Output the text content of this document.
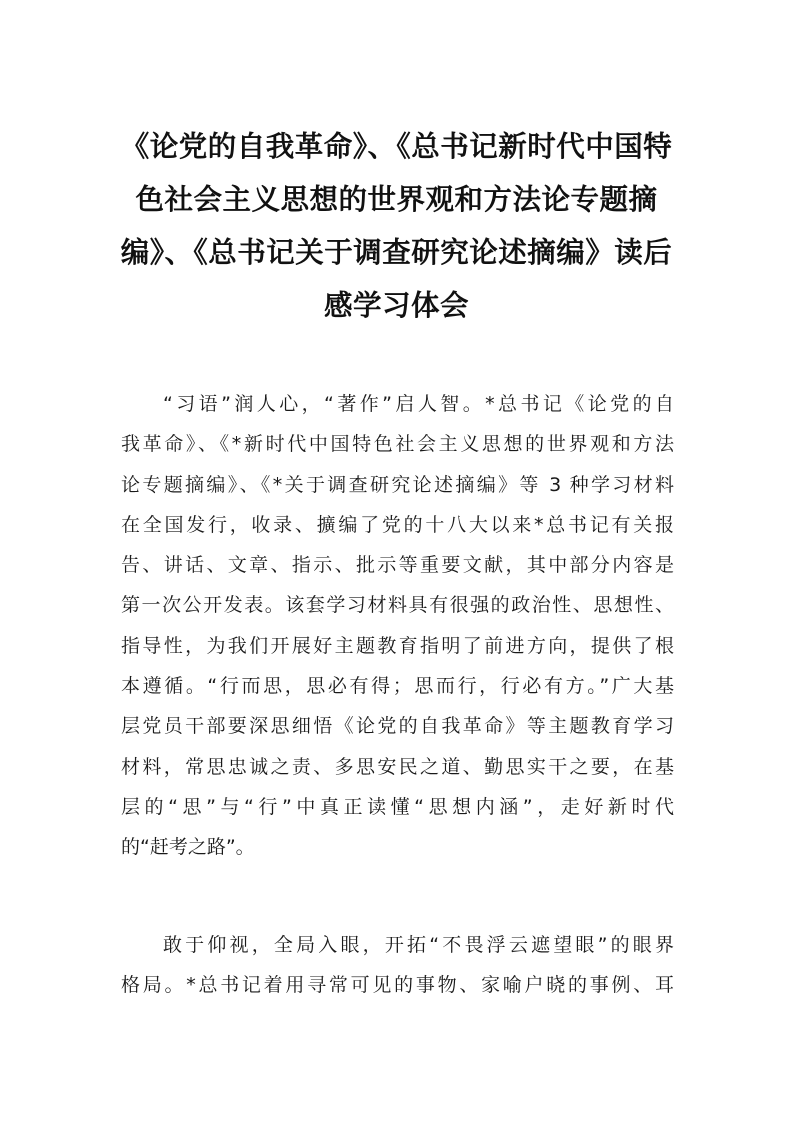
《论党的自我革命》、《总书记新时代中国特
色社会主义思想的世界观和方法论专题摘
编》、《总书记关于调查研究论述摘编》读后
感学习体会
“习语”润人心，“著作”启人智。*总书记《论党的自
我革命》、《*新时代中国特色社会主义思想的世界观和方法
论专题摘编》、《*关于调查研究论述摘编》等 3 种学习材料
在全国发行，收录、擴编了党的十八大以来*总书记有关报
告、讲话、文章、指示、批示等重要文献，其中部分内容是
第一次公开发表。该套学习材料具有很强的政治性、思想性、
指导性，为我们开展好主题教育指明了前进方向，提供了根
本遵循。“行而思，思必有得；思而行，行必有方。”广大基
层党员干部要深思细悟《论党的自我革命》等主题教育学习
材料，常思忠诚之责、多思安民之道、勤思实干之要，在基
层的“思”与“行”中真正读懂“思想内涵”，走好新时代
的“赶考之路”。
敢于仰视，全局入眼，开拓“不畏浮云遮望眼”的眼界
格局。*总书记着用寻常可见的事物、家喻户晓的事例、耳
